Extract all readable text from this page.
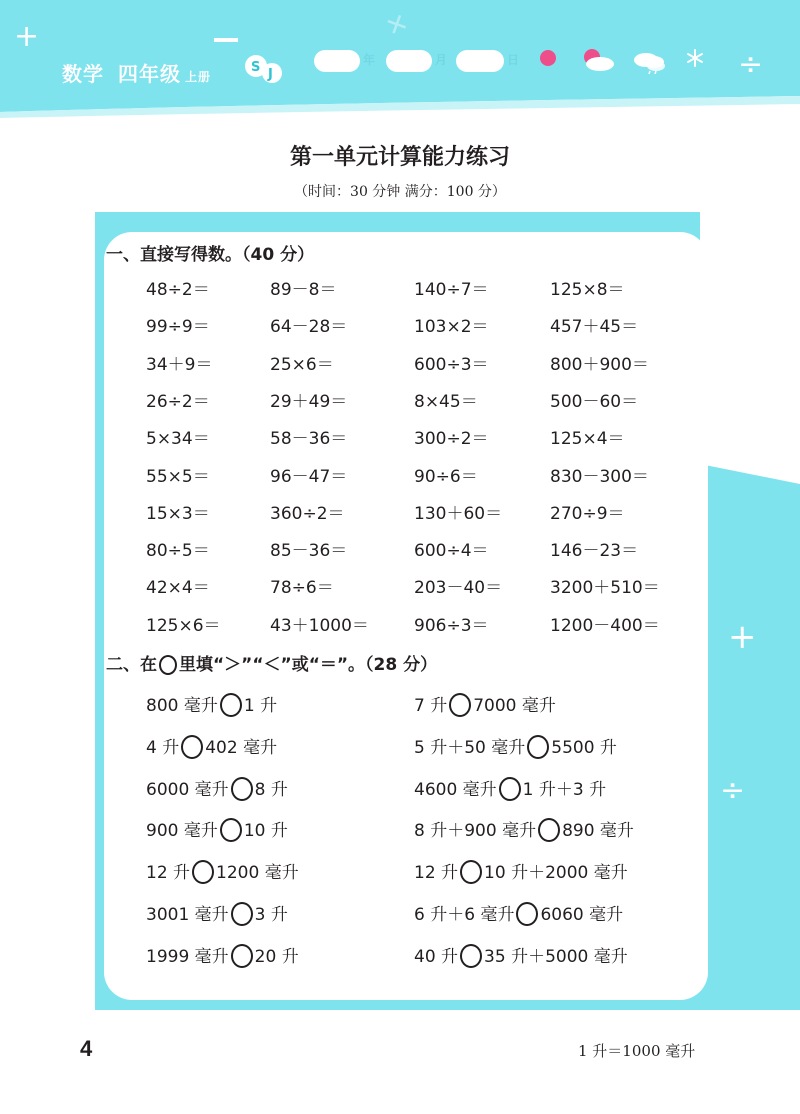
+	+
÷
数学 四年级 上册
S J
年	月	日
第一单元计算能力练习
（时间：30 分钟 满分：100 分）
+
÷
一、直接写得数。（40 分）
48÷2＝	89－8＝	140÷7＝	125×8＝
99÷9＝	64－28＝	103×2＝	457＋45＝
34＋9＝	25×6＝	600÷3＝	800＋900＝
26÷2＝	29＋49＝	8×45＝	500－60＝
5×34＝	58－36＝	300÷2＝	125×4＝
55×5＝	96－47＝	90÷6＝	830－300＝
15×3＝	360÷2＝	130＋60＝	270÷9＝
80÷5＝	85－36＝	600÷4＝	146－23＝
42×4＝	78÷6＝	203－40＝	3200＋510＝
125×6＝	43＋1000＝	906÷3＝	1200－400＝
二、在 里填“＞”“＜”或“＝”。（28 分）
800 毫升 1 升	7 升 7000 毫升
4 升 402 毫升	5 升＋50 毫升 5500 升
6000 毫升 8 升	4600 毫升 1 升＋3 升
900 毫升 10 升	8 升＋900 毫升 890 毫升
12 升 1200 毫升	12 升 10 升＋2000 毫升
3001 毫升 3 升	6 升＋6 毫升 6060 毫升
1999 毫升 20 升	40 升 35 升＋5000 毫升
4	1 升＝1000 毫升
